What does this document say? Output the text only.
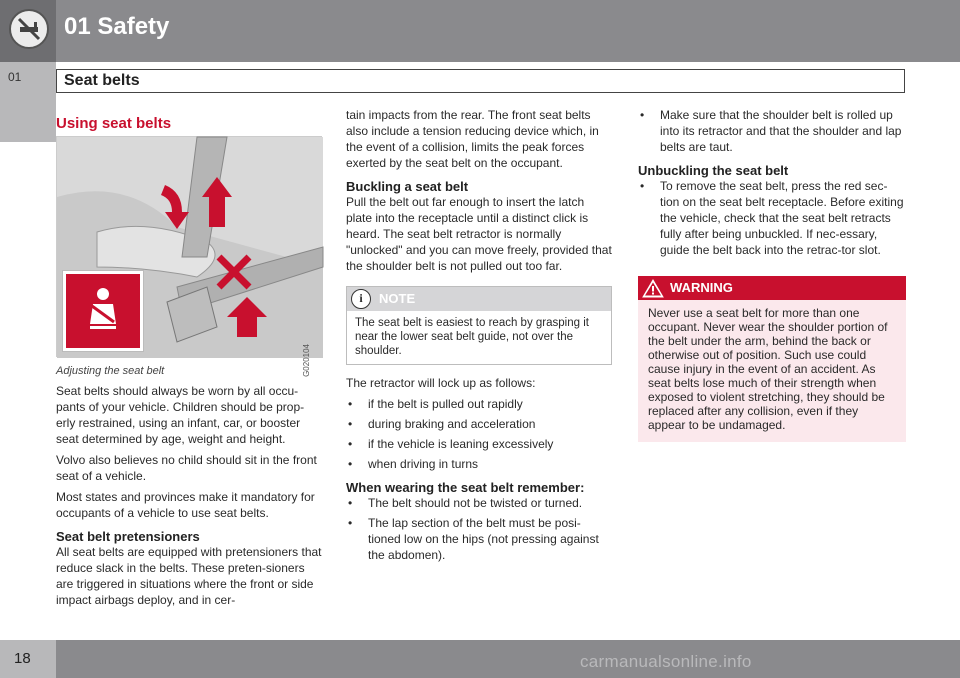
01 Safety
01	Seat belts
Using seat belts
G020104
Adjusting the seat belt

Seat belts should always be worn by all occu-pants of your vehicle. Children should be prop-erly restrained, using an infant, car, or booster seat determined by age, weight and height.

Volvo also believes no child should sit in the front seat of a vehicle.

Most states and provinces make it mandatory for occupants of a vehicle to use seat belts.

Seat belt pretensioners

All seat belts are equipped with pretensioners that reduce slack in the belts. These preten-sioners are triggered in situations where the front or side impact airbags deploy, and in cer-

tain impacts from the rear. The front seat belts also include a tension reducing device which, in the event of a collision, limits the peak forces exerted by the seat belt on the occupant.

Buckling a seat belt

Pull the belt out far enough to insert the latch plate into the receptacle until a distinct click is heard. The seat belt retractor is normally "unlocked" and you can move freely, provided that the shoulder belt is not pulled out too far.

i	NOTE
The seat belt is easiest to reach by grasping it near the lower seat belt guide, not over the shoulder.

The retractor will lock up as follows:

• if the belt is pulled out rapidly
• during braking and acceleration
• if the vehicle is leaning excessively
• when driving in turns
When wearing the seat belt remember:
• The belt should not be twisted or turned.
• The lap section of the belt must be posi-tioned low on the hips (not pressing against the abdomen).
• Make sure that the shoulder belt is rolled up into its retractor and that the shoulder and lap belts are taut.
Unbuckling the seat belt
• To remove the seat belt, press the red sec-tion on the seat belt receptacle. Before exiting the vehicle, check that the seat belt retracts fully after being unbuckled. If nec-essary, guide the belt back into the retrac-tor slot.
WARNING
Never use a seat belt for more than one occupant. Never wear the shoulder portion of the belt under the arm, behind the back or otherwise out of position. Such use could cause injury in the event of an accident. As seat belts lose much of their strength when exposed to violent stretching, they should be replaced after any collision, even if they appear to be undamaged.
18	carmanualsonline.info
